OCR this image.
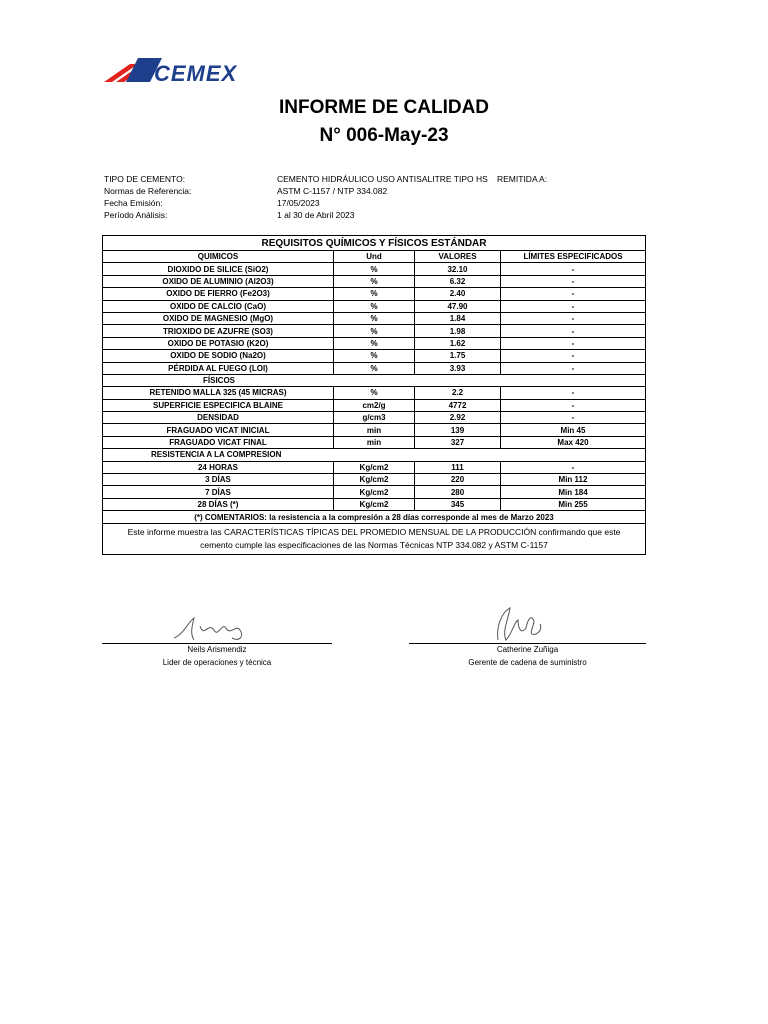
CEMEX
INFORME DE CALIDAD
N° 006-May-23
TIPO DE CEMENTO:	CEMENTO HIDRÁULICO USO ANTISALITRE TIPO HS REMITIDA A:
Normas de Referencia:	ASTM C-1157 / NTP 334.082
Fecha Emisión:	17/05/2023
Período Análisis:	1 al 30 de Abril 2023
REQUISITOS QUÍMICOS Y FÍSICOS ESTÁNDAR			
QUIMICOS	Und	VALORES	LÍMITES ESPECIFICADOS
DIOXIDO DE SILICE (SiO2)	%	32.10	-
OXIDO DE ALUMINIO (Al2O3)	%	6.32	-
OXIDO DE FIERRO (Fe2O3)	%	2.40	-
OXIDO DE CALCIO (CaO)	%	47.90	-
OXIDO DE MAGNESIO (MgO)	%	1.84	-
TRIOXIDO DE AZUFRE (SO3)	%	1.98	-
OXIDO DE POTASIO (K2O)	%	1.62	-
OXIDO DE SODIO (Na2O)	%	1.75	-
PÉRDIDA AL FUEGO (LOI)	%	3.93	-
FÍSICOS			
RETENIDO MALLA 325 (45 MICRAS)	%	2.2	-
SUPERFICIE ESPECIFICA BLAINE	cm2/g	4772	-
DENSIDAD	g/cm3	2.92	-
FRAGUADO VICAT INICIAL	min	139	Min 45
FRAGUADO VICAT FINAL	min	327	Max 420
RESISTENCIA A LA COMPRESION			
24 HORAS	Kg/cm2	111	-
3 DÍAS	Kg/cm2	220	Min 112
7 DÍAS	Kg/cm2	280	Min 184
28 DÍAS (*)	Kg/cm2	345	Min 255
(*) COMENTARIOS: la resistencia a la compresión a 28 días corresponde al mes de Marzo 2023			
Este informe muestra las CARACTERÍSTICAS TÍPICAS DEL PROMEDIO MENSUAL DE LA PRODUCCIÓN confirmando que este cemento cumple las especificaciones de las Normas Técnicas NTP 334.082 y ASTM C-1157			
Neils Arismendiz
Lider de operaciones y técnica
Catherine Zuñiga
Gerente de cadena de suministro
